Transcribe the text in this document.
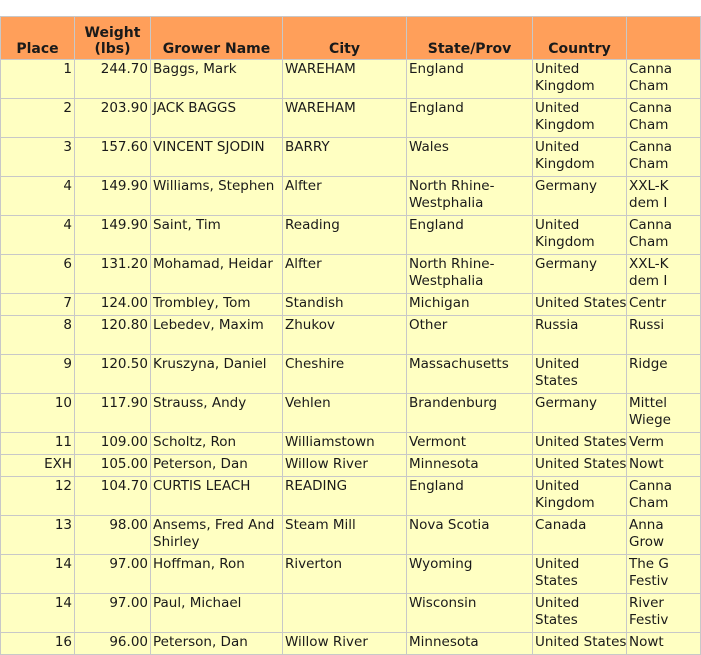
Place	Weight (lbs)	Grower Name	City	State/Prov	Country	
1	244.70	Baggs, Mark	WAREHAM	England	United Kingdom	Canna Cham
2	203.90	JACK BAGGS	WAREHAM	England	United Kingdom	Canna Cham
3	157.60	VINCENT SJODIN	BARRY	Wales	United Kingdom	Canna Cham
4	149.90	Williams, Stephen	Alfter	North Rhine-Westphalia	Germany	XXL-K dem I
4	149.90	Saint, Tim	Reading	England	United Kingdom	Canna Cham
6	131.20	Mohamad, Heidar	Alfter	North Rhine-Westphalia	Germany	XXL-K dem I
7	124.00	Trombley, Tom	Standish	Michigan	United States	Centr
8	120.80	Lebedev, Maxim	Zhukov	Other	Russia	Russi
9	120.50	Kruszyna, Daniel	Cheshire	Massachusetts	United States	Ridge
10	117.90	Strauss, Andy	Vehlen	Brandenburg	Germany	Mittel Wiege
11	109.00	Scholtz, Ron	Williamstown	Vermont	United States	Verm
EXH	105.00	Peterson, Dan	Willow River	Minnesota	United States	Nowt
12	104.70	CURTIS LEACH	READING	England	United Kingdom	Canna Cham
13	98.00	Ansems, Fred And Shirley	Steam Mill	Nova Scotia	Canada	Anna Grow
14	97.00	Hoffman, Ron	Riverton	Wyoming	United States	The G Festiv
14	97.00	Paul, Michael		Wisconsin	United States	River Festiv
16	96.00	Peterson, Dan	Willow River	Minnesota	United States	Nowt
